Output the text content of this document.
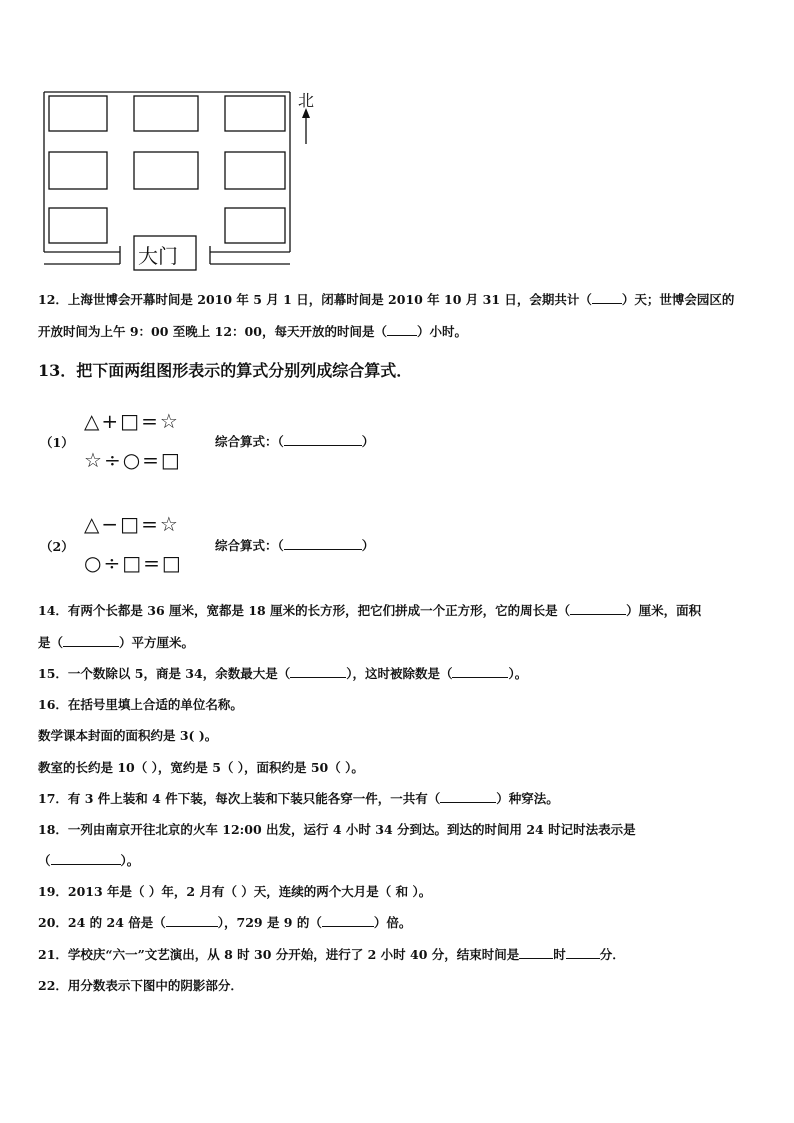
北
大门
12．上海世博会开幕时间是 2010 年 5 月 1 日，闭幕时间是 2010 年 10 月 31 日，会期共计（ ）天；世博会园区的
开放时间为上午 9：00 至晚上 12：00，每天开放的时间是（ ）小时。
13．把下面两组图形表示的算式分别列成综合算式．
（1）
△+□=☆
☆÷○=□
综合算式：（	）
（2）
△−□=☆
○÷□=□
综合算式：（	）
14．有两个长都是 36 厘米，宽都是 18 厘米的长方形，把它们拼成一个正方形，它的周长是（	）厘米，面积
是（	）平方厘米。
15．一个数除以 5，商是 34，余数最大是（	），这时被除数是（	）。
16．在括号里填上合适的单位名称。
数学课本封面的面积约是 3( )。
教室的长约是 10（ ），宽约是 5（ ），面积约是 50（ ）。
17．有 3 件上装和 4 件下装，每次上装和下装只能各穿一件，一共有（	）种穿法。
18．一列由南京开往北京的火车 12:00 出发，运行 4 小时 34 分到达。到达的时间用 24 时记时法表示是
（	）。
19．2013 年是（ ）年，2 月有（ ）天，连续的两个大月是（ 和 ）。
20．24 的 24 倍是（	），729 是 9 的（	）倍。
21．学校庆“六一”文艺演出，从 8 时 30 分开始，进行了 2 小时 40 分，结束时间是	时	分．
22．用分数表示下图中的阴影部分．
